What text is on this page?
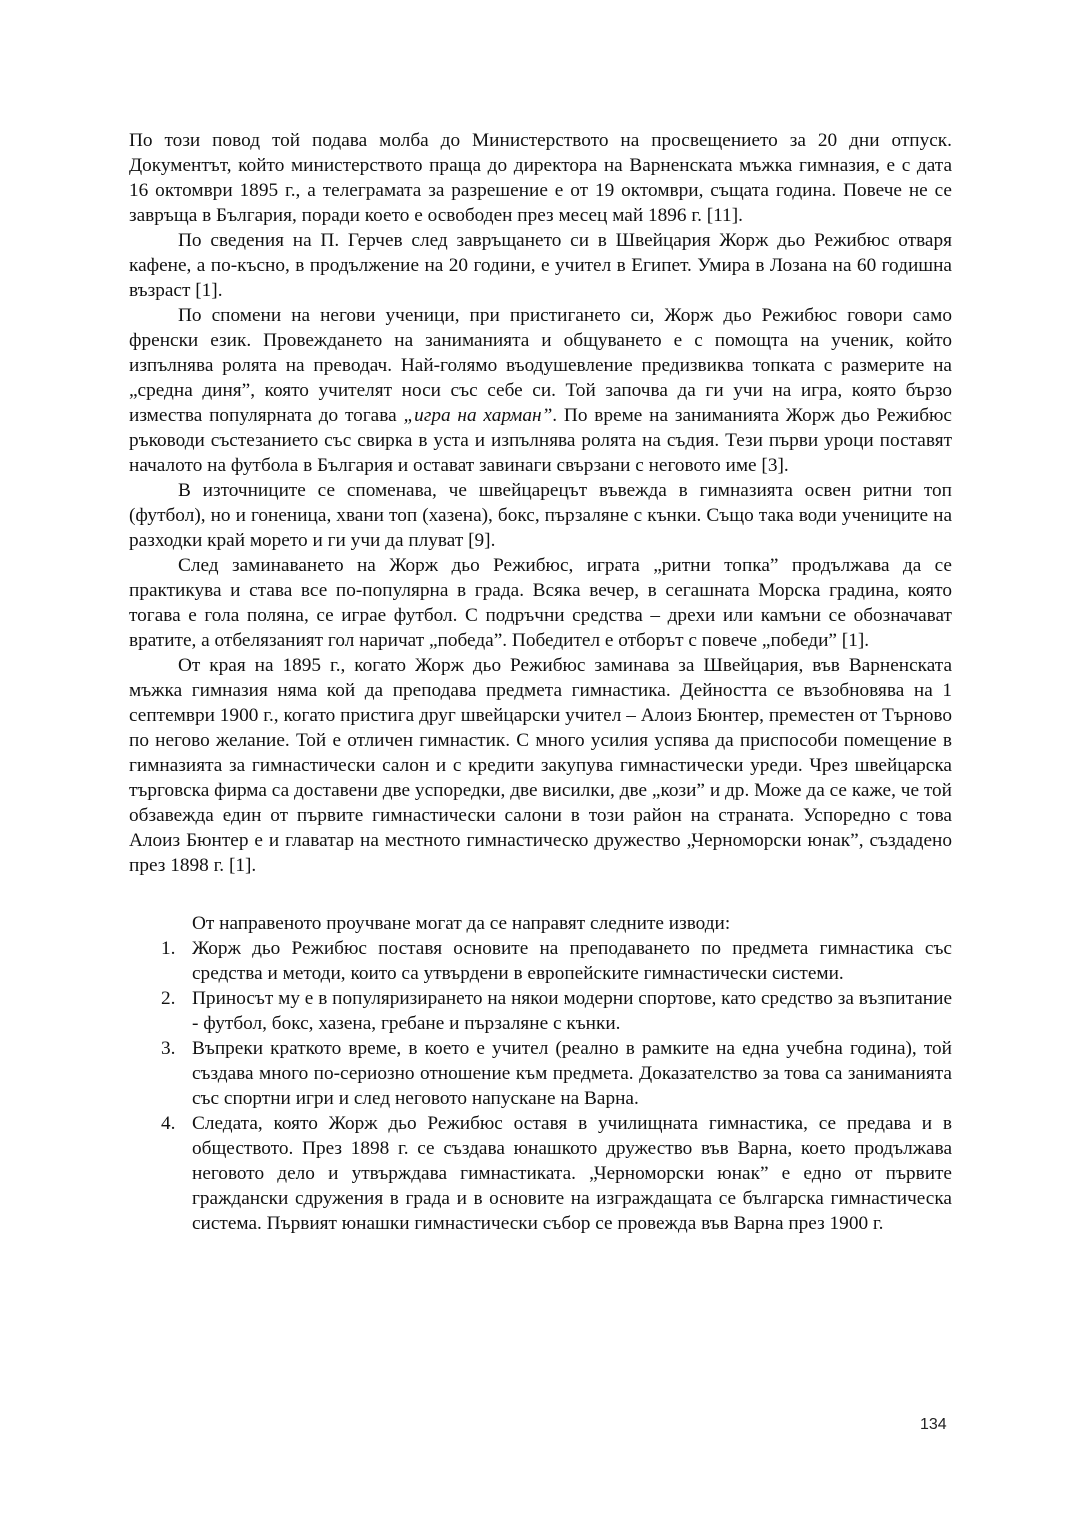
По този повод той подава молба до Министерството на просвещението за 20 дни отпуск. Документът, който министерството праща до директора на Варненската мъжка гимназия, е с дата 16 октомври 1895 г., а телеграмата за разрешение е от 19 октомври, същата година. Повече не се завръща в България, поради което е освободен през месец май 1896 г. [11].

По сведения на П. Герчев след завръщането си в Швейцария Жорж дьо Режибюс отваря кафене, а по-късно, в продължение на 20 години, е учител в Египет. Умира в Лозана на 60 годишна възраст [1].

По спомени на негови ученици, при пристигането си, Жорж дьо Режибюс говори само френски език. Провеждането на заниманията и общуването е с помощта на ученик, който изпълнява ролята на преводач. Най-голямо въодушевление предизвиква топката с размерите на „средна диня”, която учителят носи със себе си. Той започва да ги учи на игра, която бързо измества популярната до тогава „игра на харман”. По време на заниманията Жорж дьо Режибюс ръководи състезанието със свирка в уста и изпълнява ролята на съдия. Тези първи уроци поставят началото на футбола в България и остават завинаги свързани с неговото име [3].

В източниците се споменава, че швейцарецът въвежда в гимназията освен ритни топ (футбол), но и гоненица, хвани топ (хазена), бокс, пързаляне с кънки. Също така води учениците на разходки край морето и ги учи да плуват [9].

След заминаването на Жорж дьо Режибюс, играта „ритни топка” продължава да се практикува и става все по-популярна в града. Всяка вечер, в сегашната Морска градина, която тогава е гола поляна, се играе футбол. С подръчни средства – дрехи или камъни се обозначават вратите, а отбелязаният гол наричат „победа”. Победител е отборът с повече „победи” [1].

От края на 1895 г., когато Жорж дьо Режибюс заминава за Швейцария, във Варненската мъжка гимназия няма кой да преподава предмета гимнастика. Дейността се възобновява на 1 септември 1900 г., когато пристига друг швейцарски учител – Алоиз Бюнтер, преместен от Търново по негово желание. Той е отличен гимнастик. С много усилия успява да приспособи помещение в гимназията за гимнастически салон и с кредити закупува гимнастически уреди. Чрез швейцарска търговска фирма са доставени две успоредки, две висилки, две „кози” и др. Може да се каже, че той обзавежда един от първите гимнастически салони в този район на страната. Успоредно с това Алоиз Бюнтер е и главатар на местното гимнастическо дружество „Черноморски юнак”, създадено през 1898 г. [1].

От направеното проучване могат да се направят следните изводи:

1. Жорж дьо Режибюс поставя основите на преподаването по предмета гимнастика със средства и методи, които са утвърдени в европейските гимнастически системи.
2. Приносът му е в популяризирането на някои модерни спортове, като средство за възпитание - футбол, бокс, хазена, гребане и пързаляне с кънки.
3. Въпреки краткото време, в което е учител (реално в рамките на една учебна година), той създава много по-сериозно отношение към предмета. Доказателство за това са заниманията със спортни игри и след неговото напускане на Варна.
4. Следата, която Жорж дьо Режибюс оставя в училищната гимнастика, се предава и в обществото. През 1898 г. се създава юнашкото дружество във Варна, което продължава неговото дело и утвърждава гимнастиката. „Черноморски юнак” е едно от първите граждански сдружения в града и в основите на изграждащата се българска гимнастическа система. Първият юнашки гимнастически събор се провежда във Варна през 1900 г.
134
